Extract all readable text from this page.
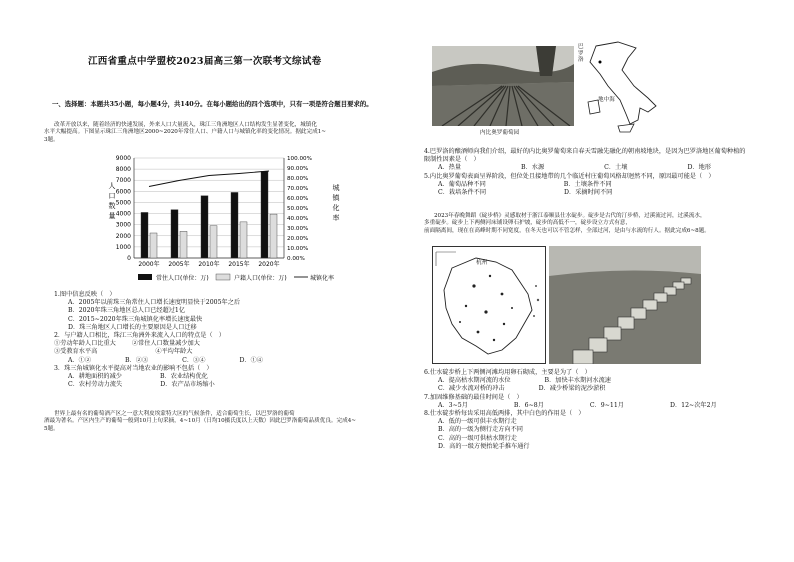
江西省重点中学盟校2023届高三第一次联考文综试卷
一、选择题：本题共35小题，每小题4分，共140分。在每小题给出的四个选项中，只有一项是符合题目要求的。
改革开放以来，随着经济的快速发展，外来人口大量流入，珠江三角洲地区人口结构发生显著变化，城镇化
水平大幅提高。下图显示珠江三角洲地区2000~2020年常住人口、户籍人口与城镇化率的变化情况。据此完成1~
3题。
0
1000
2000
3000
4000
5000
6000
7000
8000
9000
0.00%
10.00%
20.00%
30.00%
40.00%
50.00%
60.00%
70.00%
80.00%
90.00%
100.00%
人
口
数
量
城
镇
化
率
2000年 2005年 2010年 2015年 2020年
常住人口(单位：万)	户籍人口(单位：万)	城镇化率
1.图中信息反映（　）
A．2005年以前珠三角常住人口增长速度明显快于2005年之后
B．2020年珠三角地区总人口已经超过1亿
C．2015~2020年珠三角城镇化率增长速度最快
D．珠三角地区人口增长的主要原因是人口迁移
2．与户籍人口相比，珠江三角洲外来流入人口的特点是（　）
①劳动年龄人口比重大	②常住人口数量减少加大
③受教育水平高	④平均年龄大
A．①②	B．②③	C．③④	D．①④
3．珠三角城镇化水平提高对当地农业的影响不包括（　）
A．耕地面积的减少	B．农业结构优化
C．农村劳动力流失	D．农产品市场缩小
世界上最有名的葡萄酒产区之一意大利皮埃蒙特大区的气候条件，适合葡萄生长，以巴罗洛的葡萄
酒最为著名。产区内生产的葡萄一般到10月上旬采摘，4~10月（日均10摄氏度以上天数）因此巴罗洛葡萄品质优良。完成4~
5题。
内比奥罗葡萄园
巴罗洛
地中海
4.巴罗洛的酿酒师向我们介绍，最好的内比奥罗葡萄来自春天雪融先融化的朝南坡地块，是因为巴罗洛地区葡萄种植的
限制性因素是（　）
A．热量	B．水源	C．土壤	D．地形
5.内比奥罗葡萄表面呈界阶段，但位处且接地带的几个临近村庄葡萄风格却迥然不同，原因最可能是（　）
A．葡萄品种不同	B．土壤条件不同
C．栽培条件不同	D．采摘时间不同
2023年春晚舞蹈《碇步桥》灵感取材于浙江泰顺县仕水碇步。碇步是古代的汀步桥，过溪流过河，过溪流水，
多重碇步。碇步上下两侧河床铺设卵石护坡，碇步的高低不一，碇步设立方式有意，
前面隔离间，现在在高峰时期不同宽度，在冬天也可以不管怎样，全部过河，是由与水流的行人。据此完成6~8题。
杭州
6.仕水碇步桥上下两侧河滩均用卵石砌成，主要是为了（　）
A．提高枯水期河流的水位	B．加快丰水期河水流速
C．减少水流对桥的冲击	D．减少桥梁的泥沙淤积
7.加固维修基础的最佳时间是（　）
A．3~5月	B．6~8月	C．9~11月	D．12~次年2月
8.仕水碇步桥每齿采用高低两排，其中白色的作用是（　）
A．低的一级可供丰水期行走
B．高的一级为侧行走方向不同
C．高的一级可供枯水期行走
D．高的一级方便抬轮手推车通行
